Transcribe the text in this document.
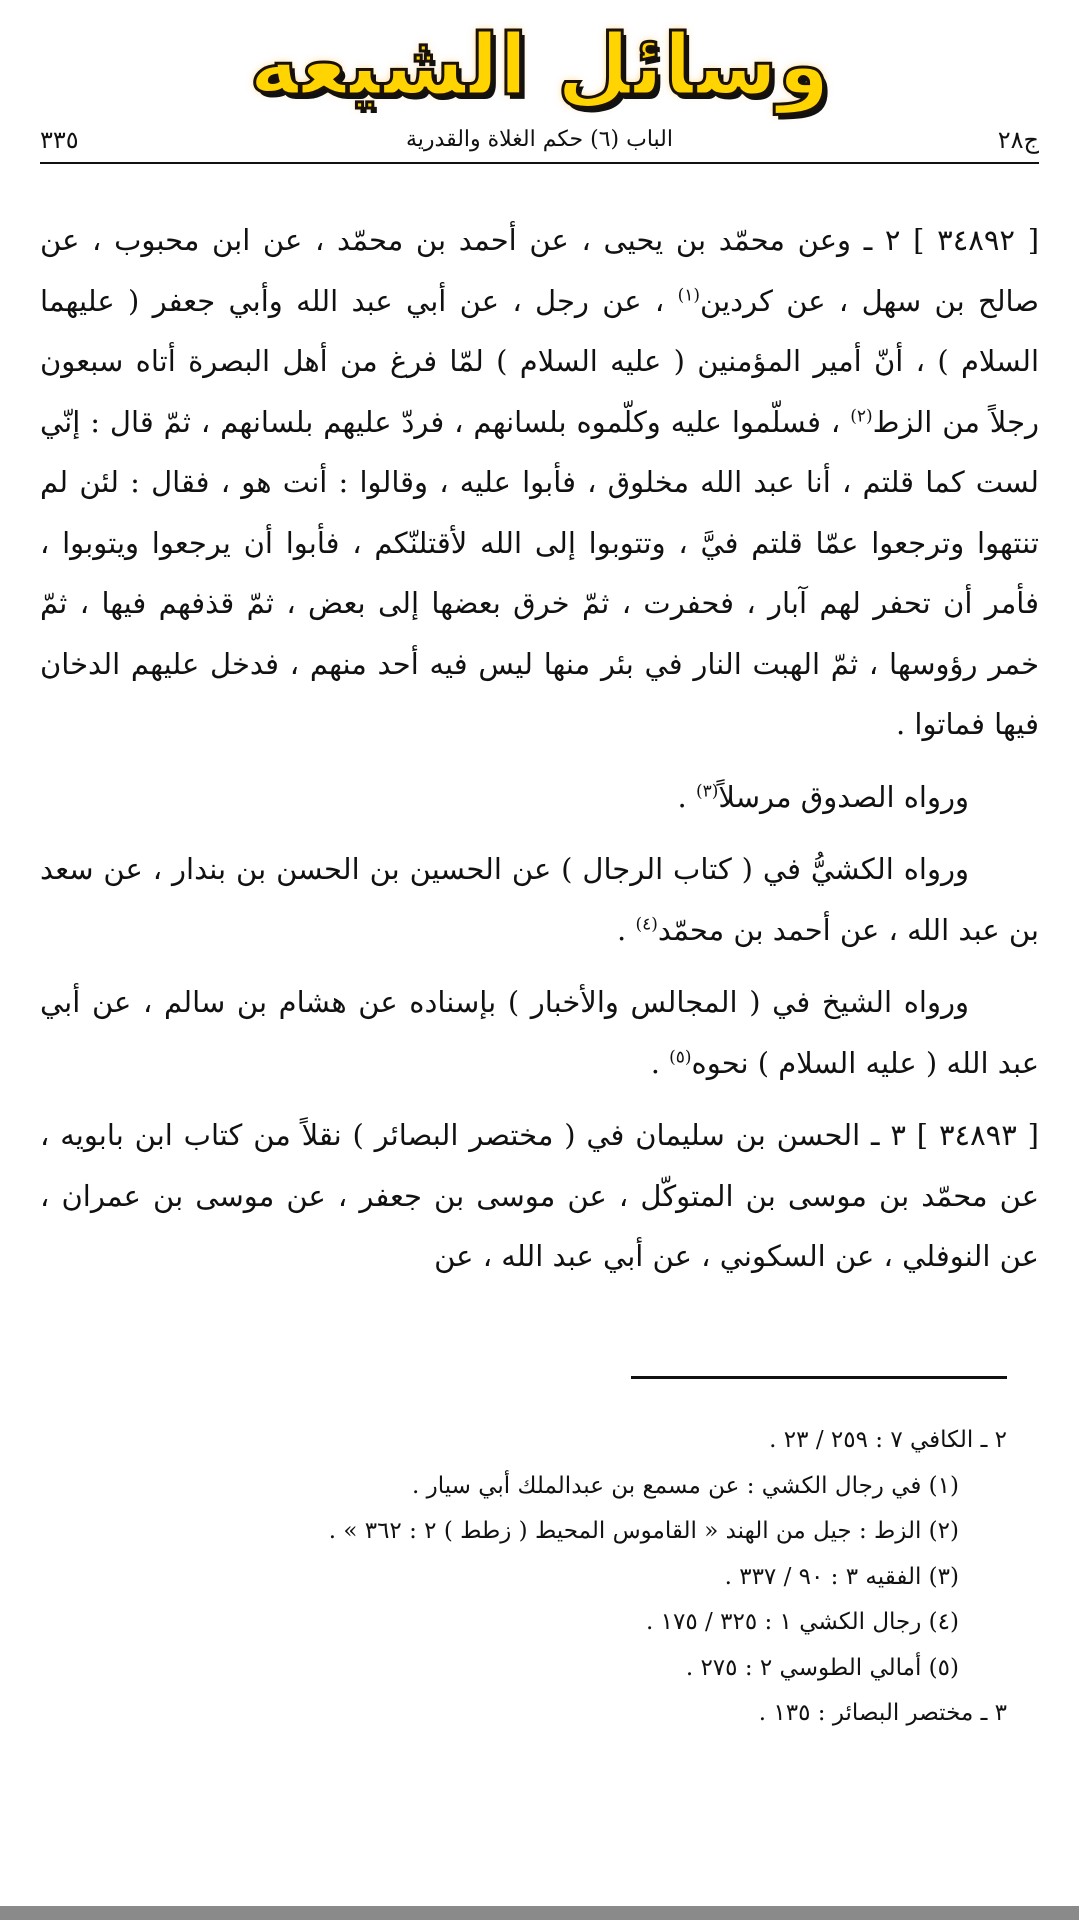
وسائل الشيعه
ج٢٨
الباب (٦) حكم الغلاة والقدرية
٣٣٥

[ ٣٤٨٩٢ ] ٢ ـ وعن محمّد بن يحيى ، عن أحمد بن محمّد ، عن ابن محبوب ، عن صالح بن سهل ، عن كردين$^{(١)}$ ، عن رجل ، عن أبي عبد الله وأبي جعفر ( عليهما السلام ) ، أنّ أمير المؤمنين ( عليه السلام ) لمّا فرغ من أهل البصرة أتاه سبعون رجلاً من الزط$^{(٢)}$ ، فسلّموا عليه وكلّموه بلسانهم ، فردّ عليهم بلسانهم ، ثمّ قال : إنّي لست كما قلتم ، أنا عبد الله مخلوق ، فأبوا عليه ، وقالوا : أنت هو ، فقال : لئن لم تنتهوا وترجعوا عمّا قلتم فيَّ ، وتتوبوا إلى الله لأقتلنّكم ، فأبوا أن يرجعوا ويتوبوا ، فأمر أن تحفر لهم آبار ، فحفرت ، ثمّ خرق بعضها إلى بعض ، ثمّ قذفهم فيها ، ثمّ خمر رؤوسها ، ثمّ الهبت النار في بئر منها ليس فيه أحد منهم ، فدخل عليهم الدخان فيها فماتوا .

ورواه الصدوق مرسلاً$^{(٣)}$ .

ورواه الكشيُّ في ( كتاب الرجال ) عن الحسين بن الحسن بن بندار ، عن سعد بن عبد الله ، عن أحمد بن محمّد$^{(٤)}$ .

ورواه الشيخ في ( المجالس والأخبار ) بإسناده عن هشام بن سالم ، عن أبي عبد الله ( عليه السلام ) نحوه$^{(٥)}$ .

[ ٣٤٨٩٣ ] ٣ ـ الحسن بن سليمان في ( مختصر البصائر ) نقلاً من كتاب ابن بابويه ، عن محمّد بن موسى بن المتوكّل ، عن موسى بن جعفر ، عن موسى بن عمران ، عن النوفلي ، عن السكوني ، عن أبي عبد الله ، عن

٢ ـ الكافي ٧ : ٢٥٩ / ٢٣ .
(١) في رجال الكشي : عن مسمع بن عبدالملك أبي سيار .
(٢) الزط : جيل من الهند « القاموس المحيط ( زطط ) ٢ : ٣٦٢ » .
(٣) الفقيه ٣ : ٩٠ / ٣٣٧ .
(٤) رجال الكشي ١ : ٣٢٥ / ١٧٥ .
(٥) أمالي الطوسي ٢ : ٢٧٥ .
٣ ـ مختصر البصائر : ١٣٥ .
